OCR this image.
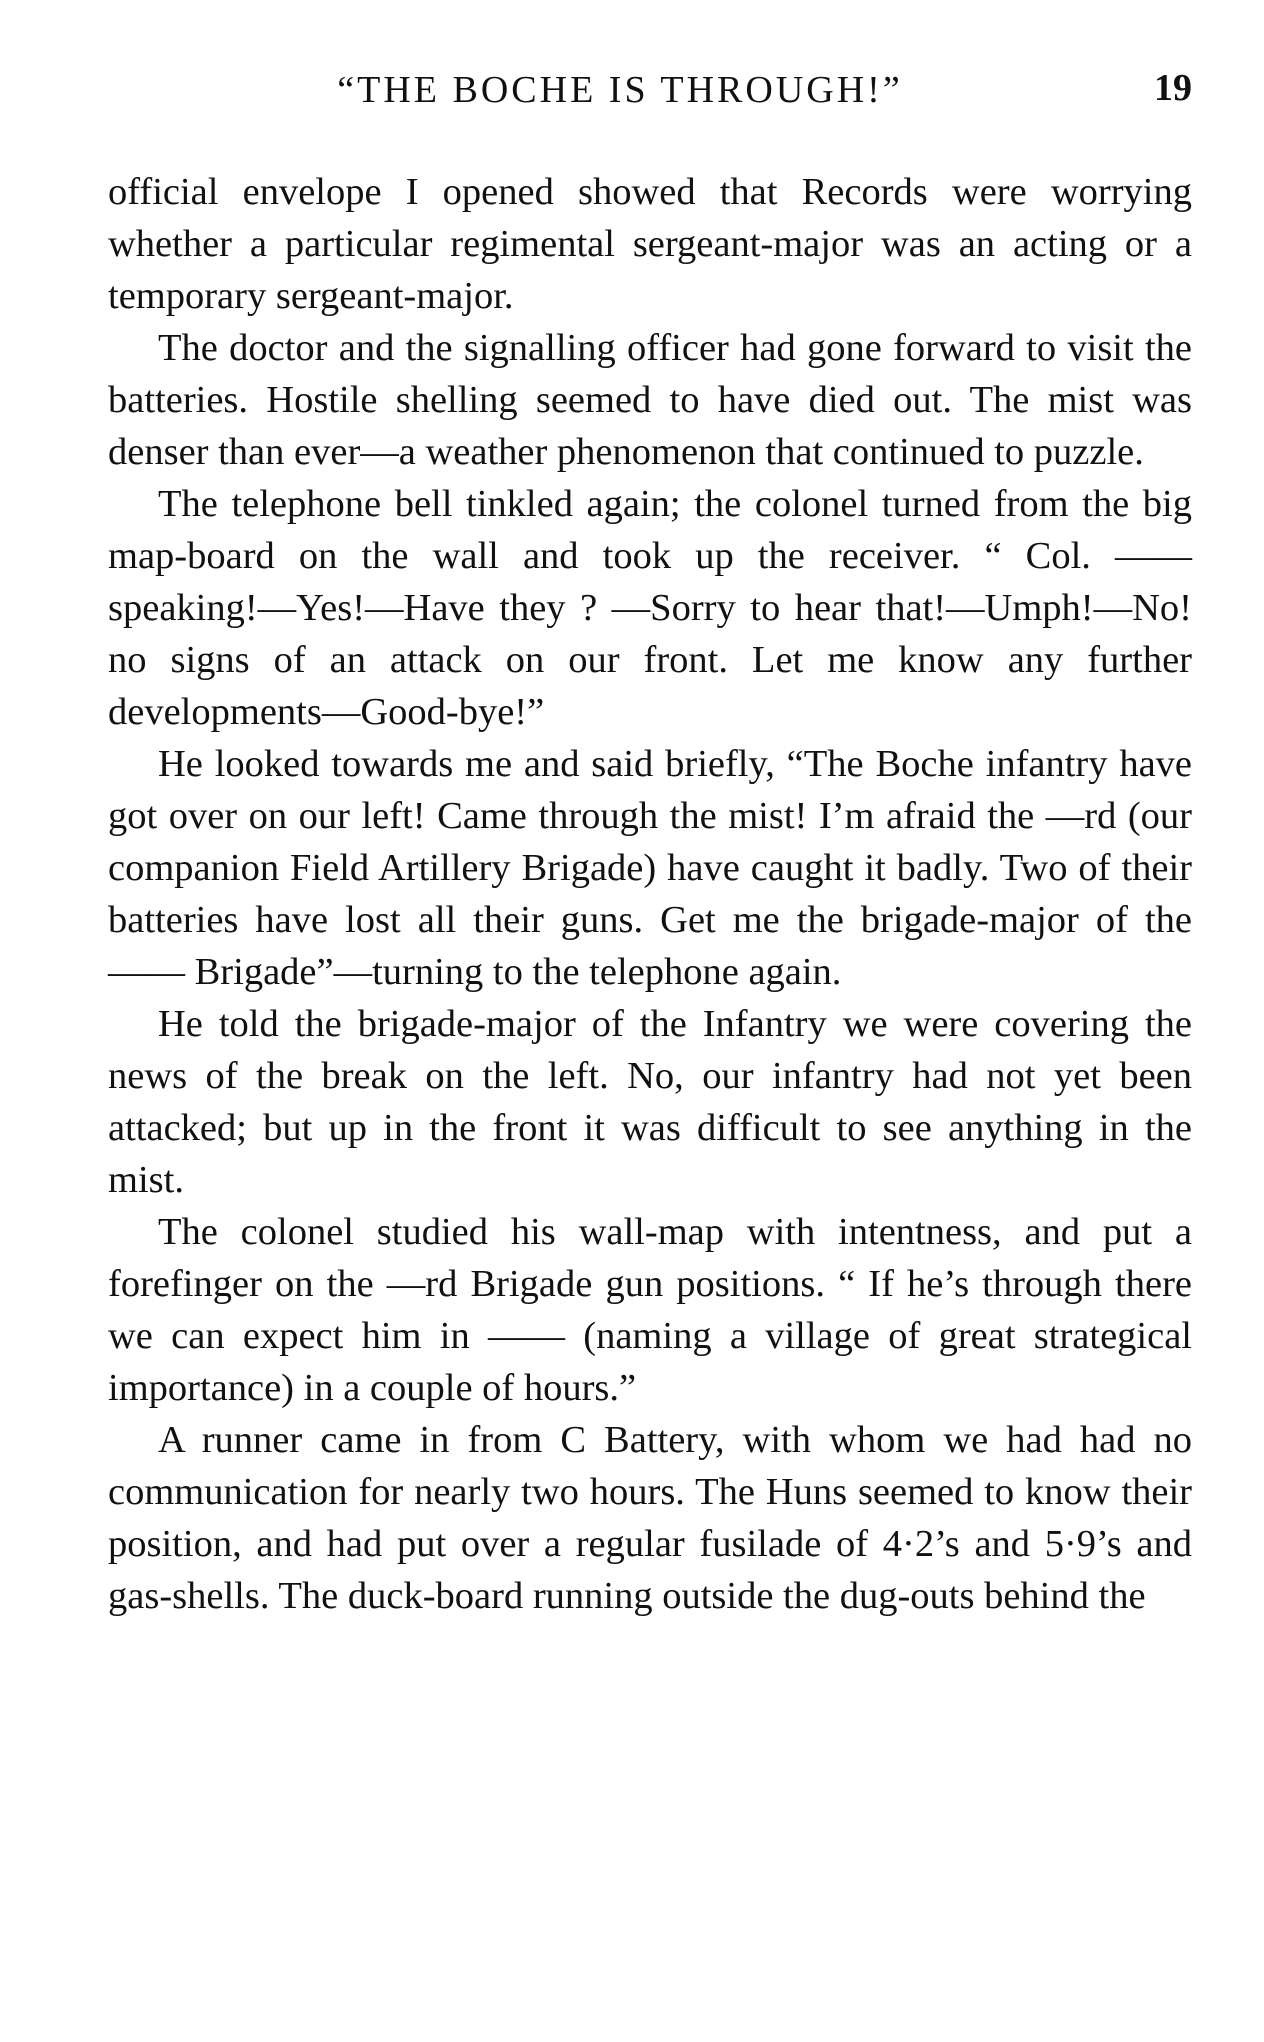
“THE BOCHE IS THROUGH!”	19

official envelope I opened showed that Records were worrying whether a particular regimental sergeant-major was an acting or a temporary sergeant-major.

The doctor and the signalling officer had gone forward to visit the batteries. Hostile shelling seemed to have died out. The mist was denser than ever—a weather phenomenon that continued to puzzle.

The telephone bell tinkled again; the colonel turned from the big map-board on the wall and took up the receiver. “ Col. —— speaking!—Yes!—Have they ? —Sorry to hear that!—Umph!—No! no signs of an attack on our front. Let me know any further developments—Good-bye!”

He looked towards me and said briefly, “The Boche infantry have got over on our left! Came through the mist! I’m afraid the —rd (our companion Field Artillery Brigade) have caught it badly. Two of their batteries have lost all their guns. Get me the brigade-major of the —— Brigade”—turning to the telephone again.

He told the brigade-major of the Infantry we were covering the news of the break on the left. No, our infantry had not yet been attacked; but up in the front it was difficult to see anything in the mist.

The colonel studied his wall-map with intentness, and put a forefinger on the —rd Brigade gun positions. “ If he’s through there we can expect him in —— (naming a village of great strategical importance) in a couple of hours.”

A runner came in from C Battery, with whom we had had no communication for nearly two hours. The Huns seemed to know their position, and had put over a regular fusilade of 4·2’s and 5·9’s and gas-shells. The duck-board running outside the dug-outs behind the
